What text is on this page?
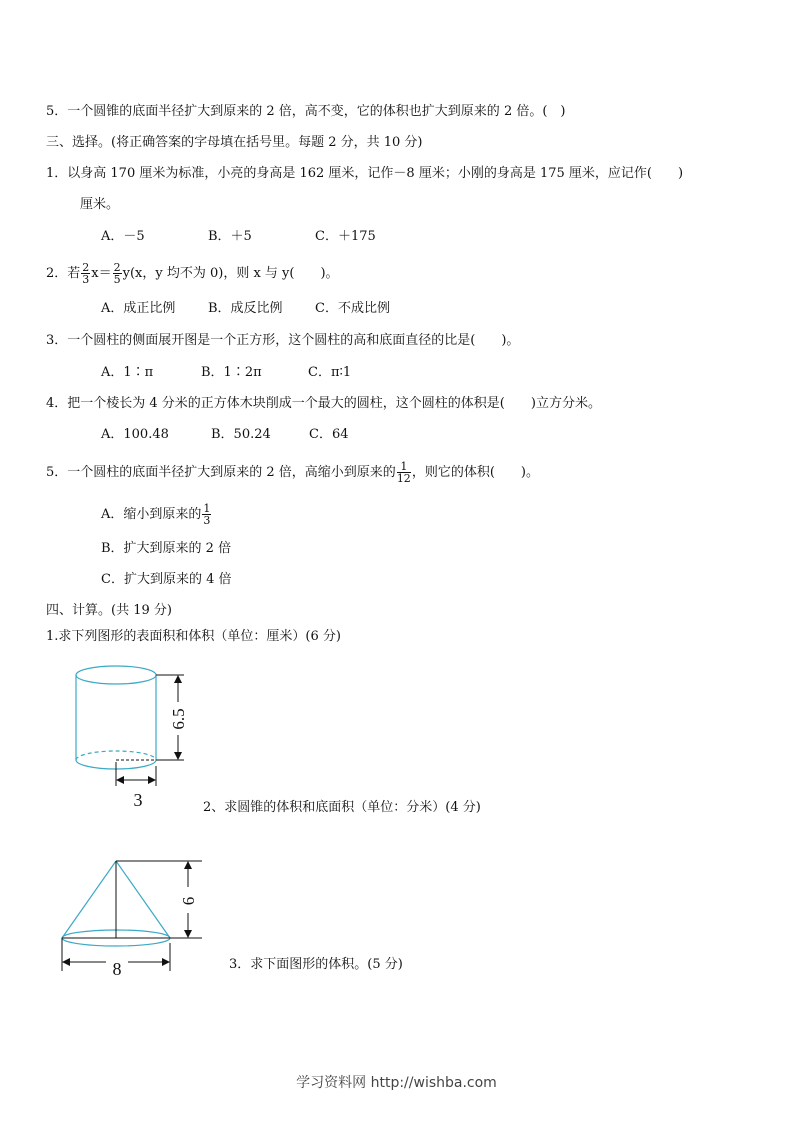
5．一个圆锥的底面半径扩大到原来的 2 倍，高不变，它的体积也扩大到原来的 2 倍。(　)
三、选择。(将正确答案的字母填在括号里。每题 2 分，共 10 分)
1．以身高 170 厘米为标准，小亮的身高是 162 厘米，记作－8 厘米；小刚的身高是 175 厘米，应记作(　　)
厘米。
A．－5	B．＋5	C．＋175
2．若 $\frac{2}{3} x= \frac{2}{5} y(x$，y 均不为 0)，则 x 与 y(　　)。
A．成正比例	B．成反比例 C．不成比例
3．一个圆柱的侧面展开图是一个正方形，这个圆柱的高和底面直径的比是(　　)。
A．1∶π	B．1∶2π	C．π∶1
4．把一个棱长为 4 分米的正方体木块削成一个最大的圆柱，这个圆柱的体积是(　　)立方分米。
A．100.48	B．50.24	C．64
5．一个圆柱的底面半径扩大到原来的 2 倍，高缩小到原来的 $\frac{1}{12}$ ，则它的体积(　　)。
A．缩小到原来的 $\frac{1}{3}$
B．扩大到原来的 2 倍
C．扩大到原来的 4 倍
四、计算。(共 19 分)
1.求下列图形的表面积和体积（单位：厘米）(6 分)
6.5
3	2、求圆锥的体积和底面积（单位：分米）(4 分)
6
8	3．求下面图形的体积。(5 分)
学习资料网 http://wishba.com
